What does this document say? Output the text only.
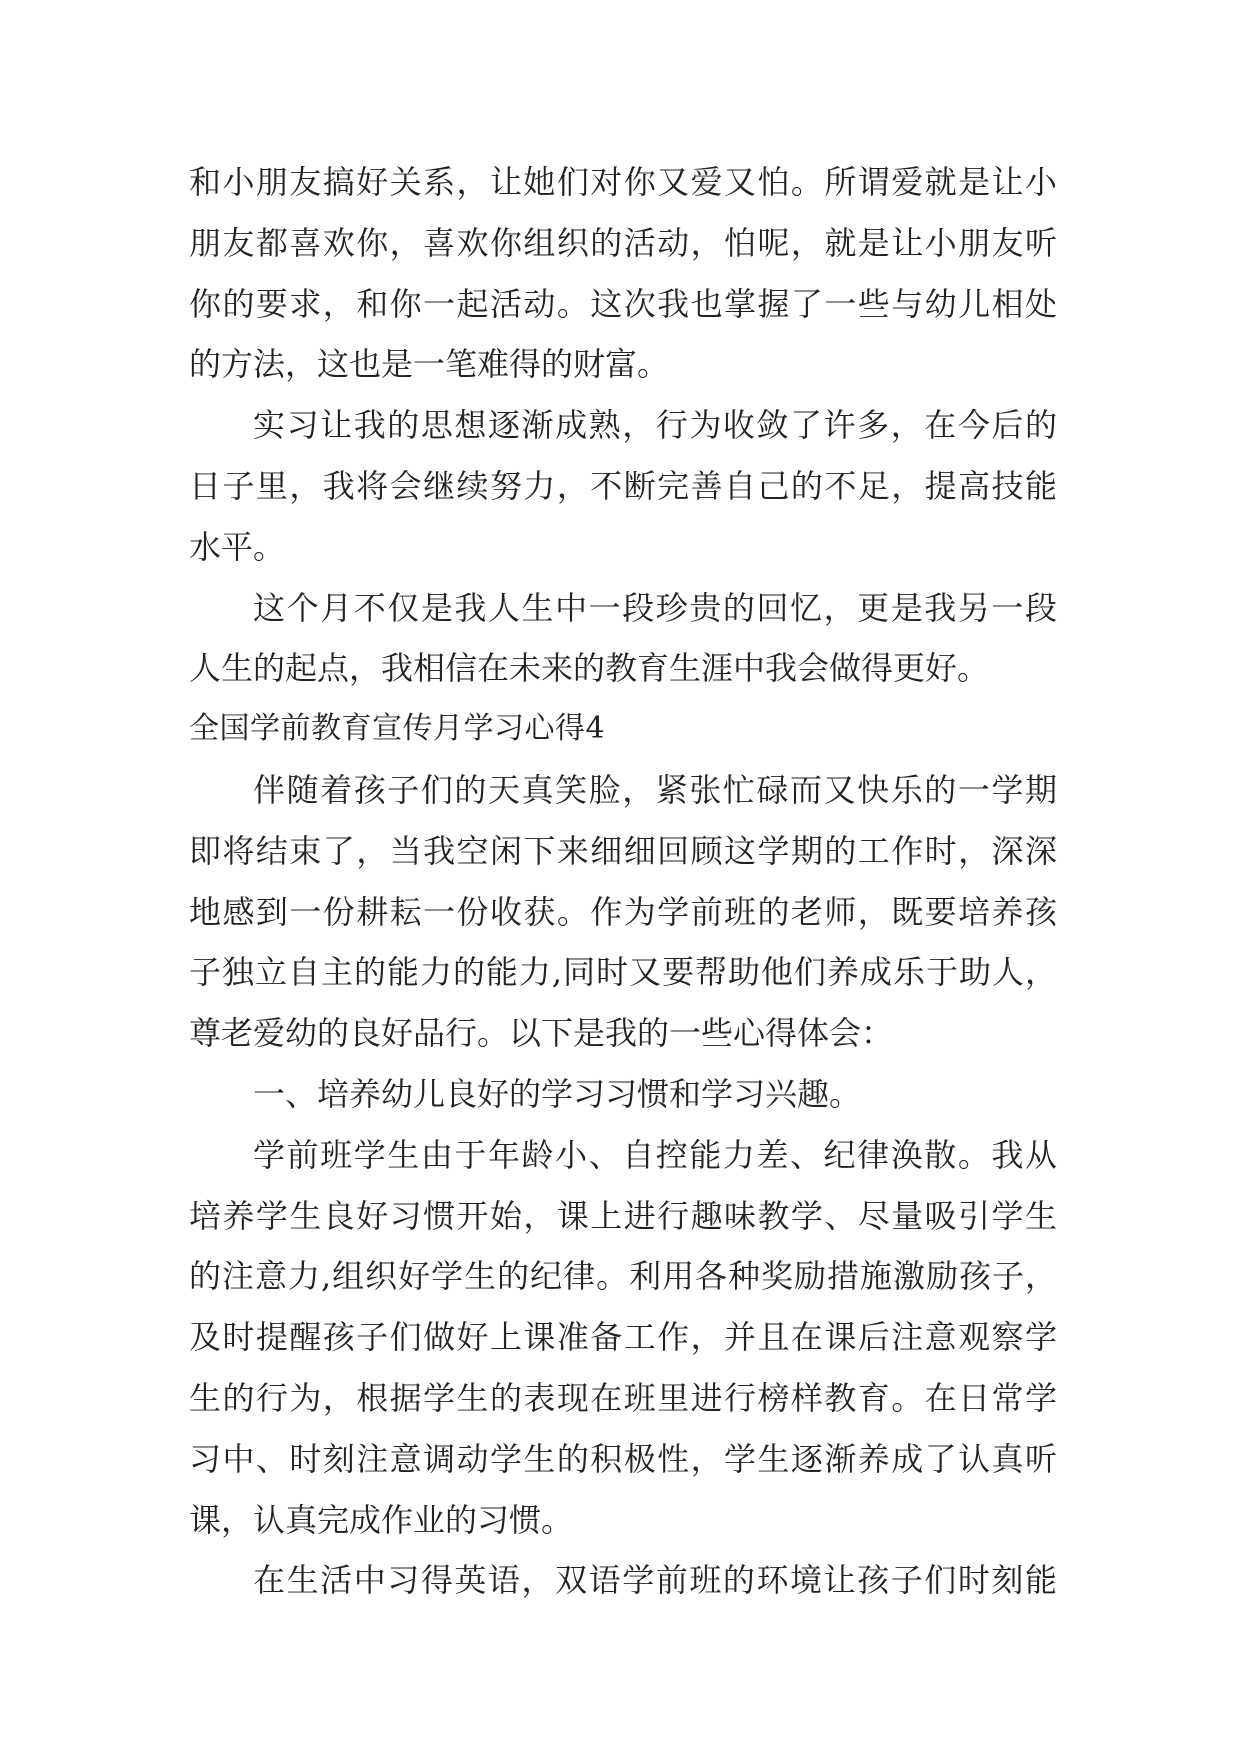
和小朋友搞好关系，让她们对你又爱又怕。所谓爱就是让小
朋友都喜欢你，喜欢你组织的活动，怕呢，就是让小朋友听
你的要求，和你一起活动。这次我也掌握了一些与幼儿相处
的方法，这也是一笔难得的财富。
实习让我的思想逐渐成熟，行为收敛了许多，在今后的
日子里，我将会继续努力，不断完善自己的不足，提高技能
水平。
这个月不仅是我人生中一段珍贵的回忆，更是我另一段
人生的起点，我相信在未来的教育生涯中我会做得更好。
全国学前教育宣传月学习心得4
伴随着孩子们的天真笑脸，紧张忙碌而又快乐的一学期
即将结束了，当我空闲下来细细回顾这学期的工作时，深深
地感到一份耕耘一份收获。作为学前班的老师，既要培养孩
子独立自主的能力的能力,同时又要帮助他们养成乐于助人，
尊老爱幼的良好品行。以下是我的一些心得体会：
一、培养幼儿良好的学习习惯和学习兴趣。
学前班学生由于年龄小、自控能力差、纪律涣散。我从
培养学生良好习惯开始，课上进行趣味教学、尽量吸引学生
的注意力,组织好学生的纪律。利用各种奖励措施激励孩子，
及时提醒孩子们做好上课准备工作，并且在课后注意观察学
生的行为，根据学生的表现在班里进行榜样教育。在日常学
习中、时刻注意调动学生的积极性，学生逐渐养成了认真听
课，认真完成作业的习惯。
在生活中习得英语，双语学前班的环境让孩子们时刻能
